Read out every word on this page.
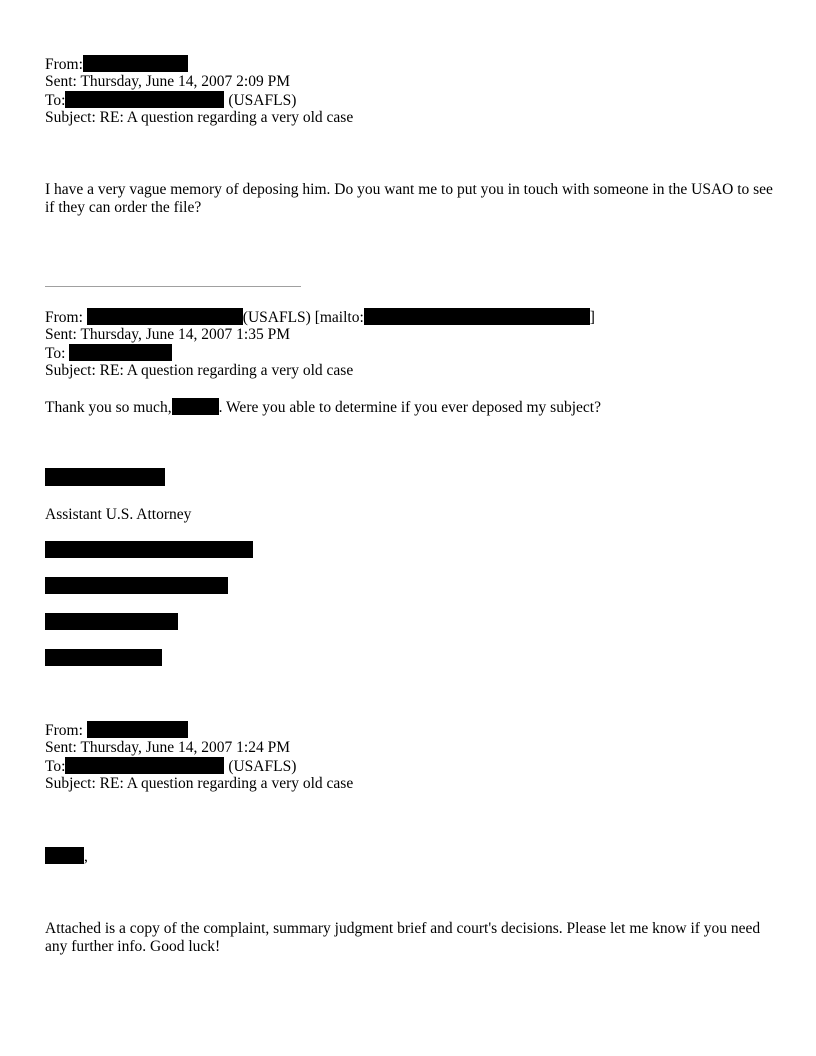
From:
Sent: Thursday, June 14, 2007 2:09 PM
To:	(USAFLS)
Subject: RE: A question regarding a very old case
I have a very vague memory of deposing him. Do you want me to put you in touch with someone in the USAO to see if they can order the file?
From:	(USAFLS) [mailto:	]
Sent: Thursday, June 14, 2007 1:35 PM
To:
Subject: RE: A question regarding a very old case
Thank you so much,	. Were you able to determine if you ever deposed my subject?
Assistant U.S. Attorney
From:
Sent: Thursday, June 14, 2007 1:24 PM
To:	(USAFLS)
Subject: RE: A question regarding a very old case
,
Attached is a copy of the complaint, summary judgment brief and court's decisions. Please let me know if you need any further info. Good luck!
